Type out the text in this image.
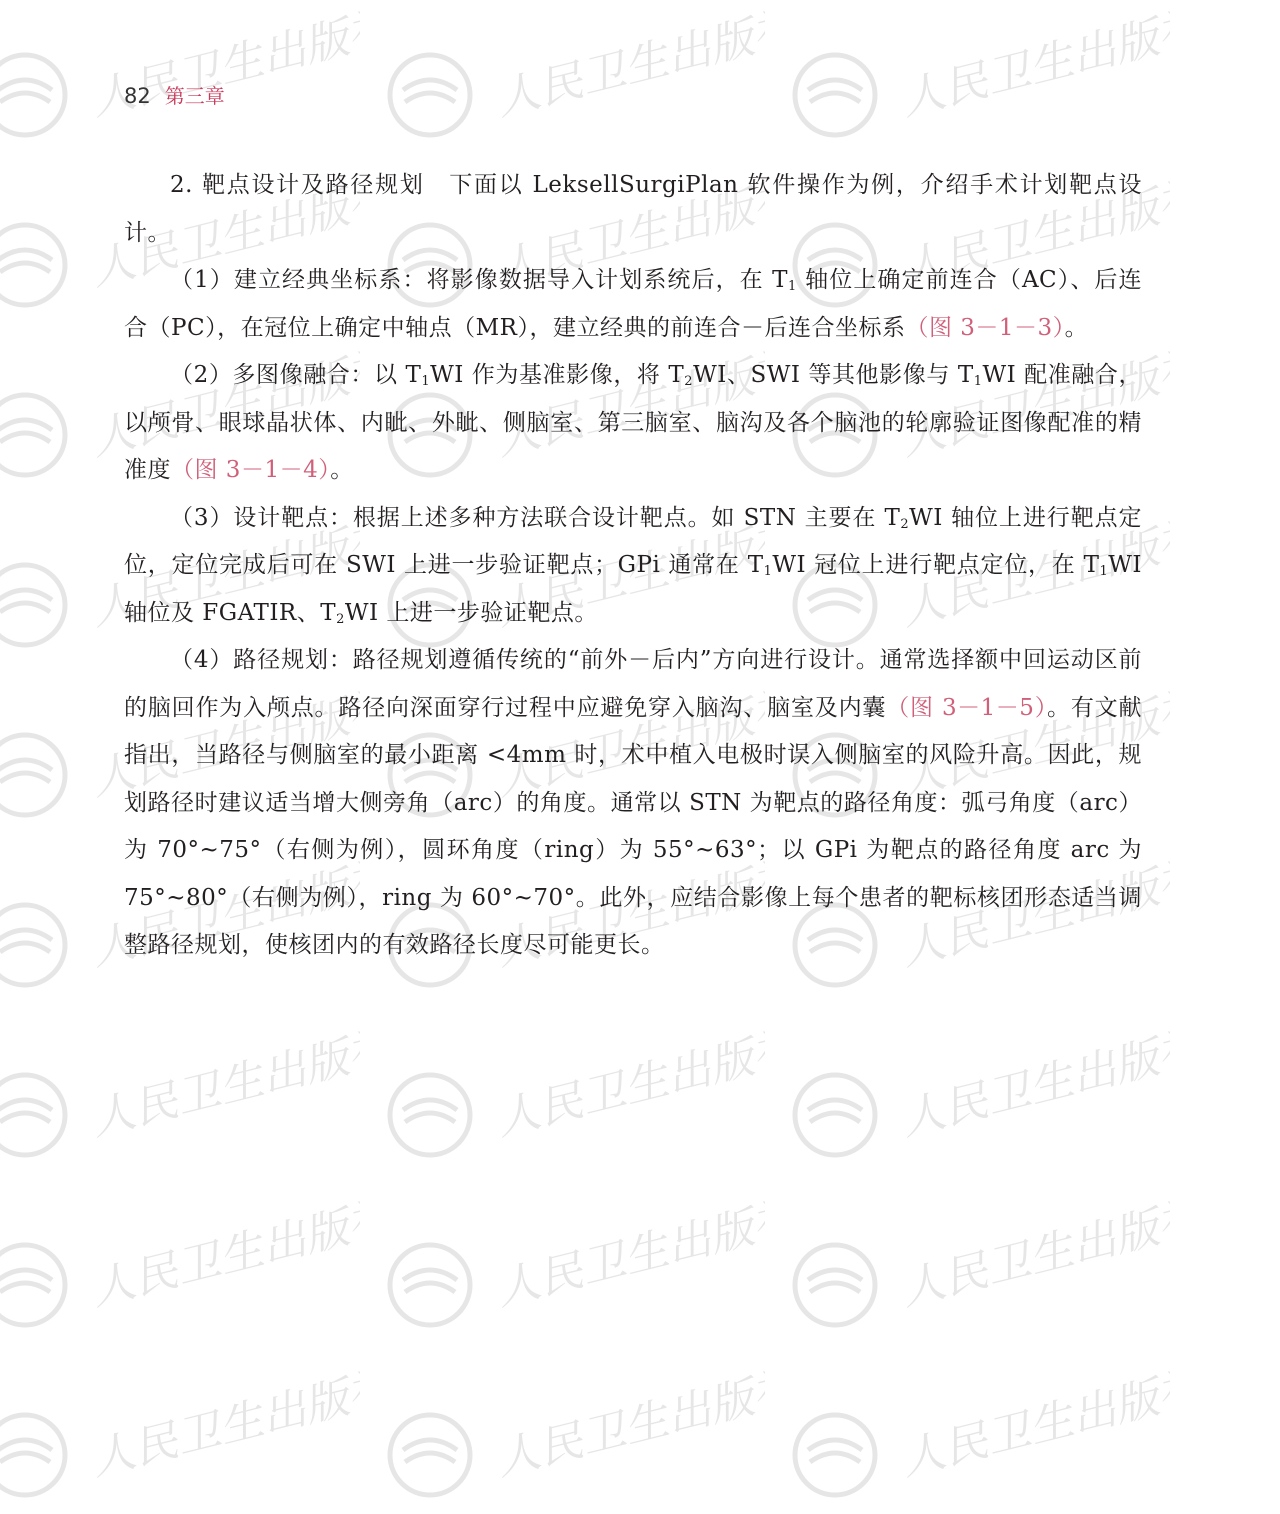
人民卫生出版社 人民卫生出版社 人民卫生出版社
人民卫生出版社 人民卫生出版社 人民卫生出版社
人民卫生出版社 人民卫生出版社 人民卫生出版社
人民卫生出版社 人民卫生出版社 人民卫生出版社
人民卫生出版社 人民卫生出版社 人民卫生出版社
人民卫生出版社 人民卫生出版社 人民卫生出版社
人民卫生出版社 人民卫生出版社 人民卫生出版社
人民卫生出版社 人民卫生出版社 人民卫生出版社
人民卫生出版社 人民卫生出版社 人民卫生出版社
82 第三章

2. 靶点设计及路径规划　下面以 LeksellSurgiPlan 软件操作为例，介绍手术计划靶点设计。

（1）建立经典坐标系：将影像数据导入计划系统后，在 $T_1$ 轴位上确定前连合（AC）、后连合（PC），在冠位上确定中轴点（MR），建立经典的前连合－后连合坐标系（图 3－1－3）。

（2）多图像融合：以 $T_1WI$ 作为基准影像，将 $T_2WI$、SWI 等其他影像与 $T_1WI$ 配准融合，以颅骨、眼球晶状体、内眦、外眦、侧脑室、第三脑室、脑沟及各个脑池的轮廓验证图像配准的精准度（图 3－1－4）。

（3）设计靶点：根据上述多种方法联合设计靶点。如 STN 主要在 $T_2WI$ 轴位上进行靶点定位，定位完成后可在 SWI 上进一步验证靶点；GPi 通常在 $T_1WI$ 冠位上进行靶点定位，在 $T_1WI$ 轴位及 FGATIR、$T_2WI$ 上进一步验证靶点。

（4）路径规划：路径规划遵循传统的“前外－后内”方向进行设计。通常选择额中回运动区前的脑回作为入颅点。路径向深面穿行过程中应避免穿入脑沟、脑室及内囊（图 3－1－5）。有文献指出，当路径与侧脑室的最小距离 <4mm 时，术中植入电极时误入侧脑室的风险升高。因此，规划路径时建议适当增大侧旁角（arc）的角度。通常以 STN 为靶点的路径角度：弧弓角度（arc）为 70°~75°（右侧为例），圆环角度（ring）为 55°~63°；以 GPi 为靶点的路径角度 arc 为 75°~80°（右侧为例），ring 为 60°~70°。此外，应结合影像上每个患者的靶标核团形态适当调整路径规划，使核团内的有效路径长度尽可能更长。
